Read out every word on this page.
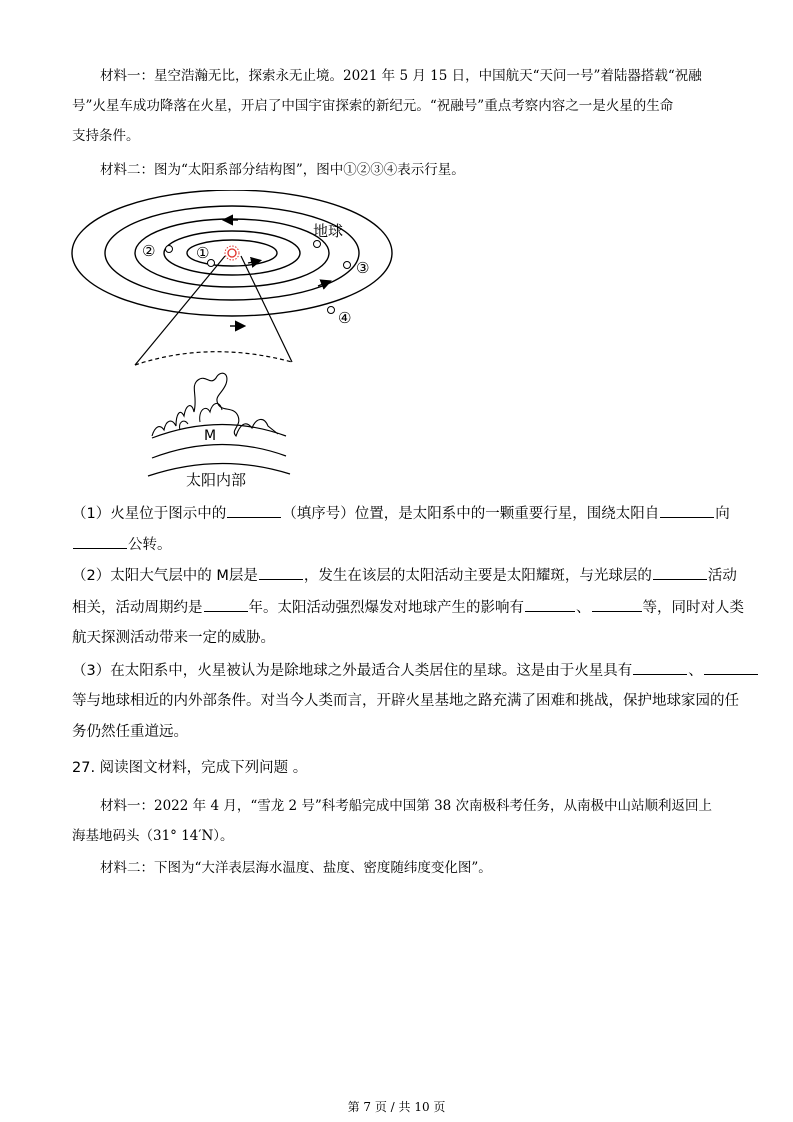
材料一：星空浩瀚无比，探索永无止境。2021 年 5 月 15 日，中国航天“天问一号”着陆器搭载“祝融
号”火星车成功降落在火星，开启了中国宇宙探索的新纪元。“祝融号”重点考察内容之一是火星的生命
支持条件。
材料二：图为“太阳系部分结构图”，图中①②③④表示行星。
①
②
地球
③
④
M
太阳内部
（1）火星位于图示中的	（填序号）位置，是太阳系中的一颗重要行星，围绕太阳自	向
公转。
（2）太阳大气层中的 M层是	，发生在该层的太阳活动主要是太阳耀斑，与光球层的	活动
相关，活动周期约是	年。太阳活动强烈爆发对地球产生的影响有	、	等，同时对人类
航天探测活动带来一定的威胁。
（3）在太阳系中，火星被认为是除地球之外最适合人类居住的星球。这是由于火星具有	、
等与地球相近的内外部条件。对当今人类而言，开辟火星基地之路充满了困难和挑战，保护地球家园的任
务仍然任重道远。
27. 阅读图文材料，完成下列问题 。
材料一：2022 年 4 月，“雪龙 2 号”科考船完成中国第 38 次南极科考任务，从南极中山站顺利返回上
海基地码头（31° 14′N）。
材料二：下图为“大洋表层海水温度、盐度、密度随纬度变化图”。
第 7 页 / 共 10 页
